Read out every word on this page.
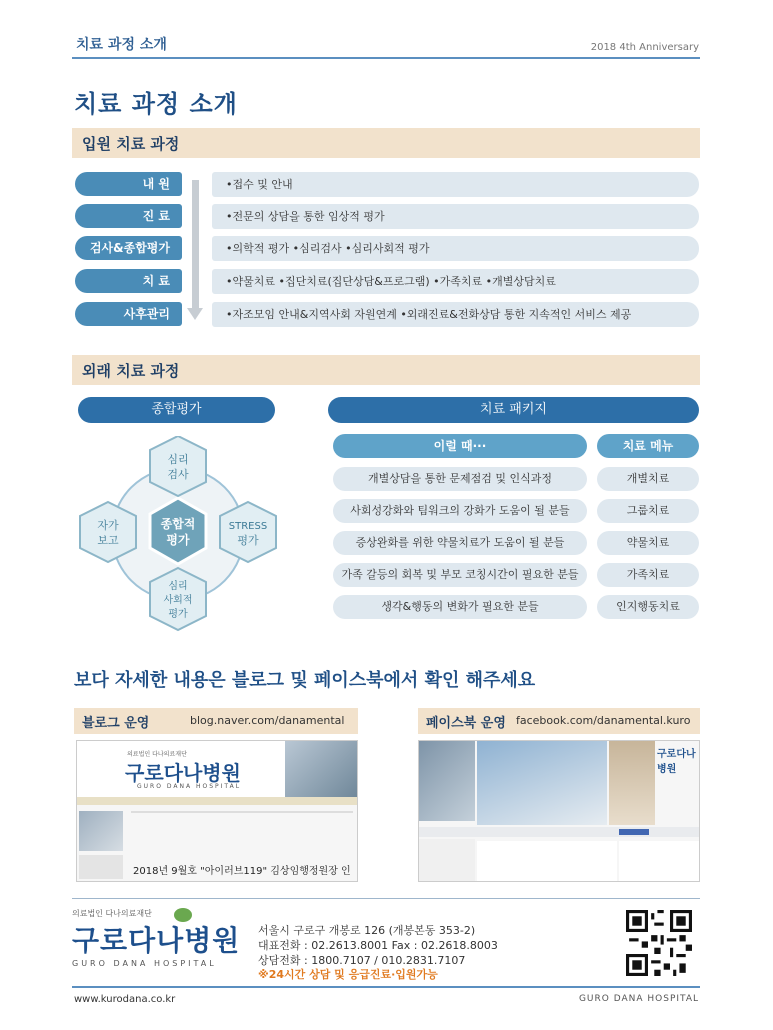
치료 과정 소개	2018 4th Anniversary
치료 과정 소개
입원 치료 과정
내 원	•접수 및 안내
진 료	•전문의 상담을 통한 임상적 평가
검사&종합평가	•의학적 평가 •심리검사 •심리사회적 평가
치 료	•약물치료 •집단치료(집단상담&프로그램) •가족치료 •개별상담치료
사후관리	•자조모임 안내&지역사회 자원연계 •외래진료&전화상담 통한 지속적인 서비스 제공
외래 치료 과정
종합평가
종합적
평가
심리
검사
자가
보고
STRESS
평가
심리
사회적
평가
치료 패키지
이럴 때···	치료 메뉴
개별상담을 통한 문제점검 및 인식과정	개별치료
사회성강화와 팀워크의 강화가 도움이 될 분들	그룹치료
증상완화를 위한 약물치료가 도움이 될 분들	약물치료
가족 갈등의 회복 및 부모 코칭시간이 필요한 분들	가족치료
생각&행동의 변화가 필요한 분들	인지행동치료
보다 자세한 내용은 블로그 및 페이스북에서 확인 해주세요
블로그 운영	blog.naver.com/danamental	페이스북 운영 facebook.com/danamental.kuro
의료법인 다나의료재단
구로다나병원
GURO DANA HOSPITAL
2018년 9월호 "아이러브119" 김상임행정원장 인
구로다나병원
의료법인 다나의료재단
구로다나병원
GURO DANA HOSPITAL
서울시 구로구 개봉로 126 (개봉본동 353-2)
대표전화 : 02.2613.8001 Fax : 02.2618.8003
상담전화 : 1800.7107 / 010.2831.7107
※24시간 상담 및 응급진료·입원가능
www.kurodana.co.kr	GURO DANA HOSPITAL
